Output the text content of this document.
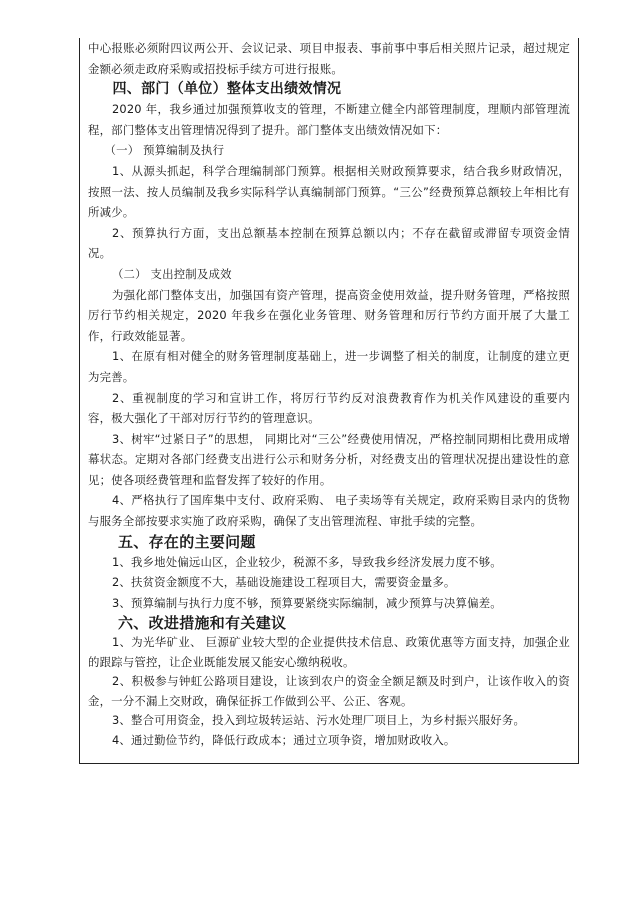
中心报账必须附四议两公开、会议记录、项目申报表、事前事中事后相关照片记录，超过规定金额必须走政府采购或招投标手续方可进行报账。

四、部门（单位）整体支出绩效情况

2020 年，我乡通过加强预算收支的管理，不断建立健全内部管理制度，理顺内部管理流程，部门整体支出管理情况得到了提升。部门整体支出绩效情况如下：

（一） 预算编制及执行

1、从源头抓起，科学合理编制部门预算。根据相关财政预算要求，结合我乡财政情况，按照一法、按人员编制及我乡实际科学认真编制部门预算。“三公”经费预算总额较上年相比有所减少。

2、预算执行方面，支出总额基本控制在预算总额以内；不存在截留或滞留专项资金情况。

（二） 支出控制及成效

为强化部门整体支出，加强国有资产管理，提高资金使用效益，提升财务管理，严格按照厉行节约相关规定，2020 年我乡在强化业务管理、财务管理和厉行节约方面开展了大量工作，行政效能显著。

1、在原有相对健全的财务管理制度基础上，进一步调整了相关的制度，让制度的建立更为完善。

2、重视制度的学习和宣讲工作，将厉行节约反对浪费教育作为机关作风建设的重要内容，极大强化了干部对厉行节约的管理意识。

3、树牢“过紧日子”的思想， 同期比对“三公”经费使用情况，严格控制同期相比费用成增幕状态。定期对各部门经费支出进行公示和财务分析，对经费支出的管理状况提出建设性的意见；使各项经费管理和监督发挥了较好的作用。

4、严格执行了国库集中支付、政府采购、 电子卖场等有关规定，政府采购目录内的货物与服务全部按要求实施了政府采购，确保了支出管理流程、审批手续的完整。

五、存在的主要问题

1、我乡地处偏远山区，企业较少，税源不多，导致我乡经济发展力度不够。

2、扶贫资金额度不大，基础设施建设工程项目大，需要资金量多。

3、预算编制与执行力度不够，预算要紧绕实际编制，减少预算与决算偏差。

六、改进措施和有关建议

1、为光华矿业、 巨源矿业较大型的企业提供技术信息、政策优惠等方面支持，加强企业的跟踪与管控，让企业既能发展又能安心缴纳税收。

2、积极参与钟虹公路项目建设，让该到农户的资金全额足额及时到户，让该作收入的资金，一分不漏上交财政，确保征拆工作做到公平、公正、客观。

3、整合可用资金，投入到垃圾转运站、污水处理厂项目上，为乡村振兴服好务。

4、通过勤俭节约，降低行政成本；通过立项争资，增加财政收入。
